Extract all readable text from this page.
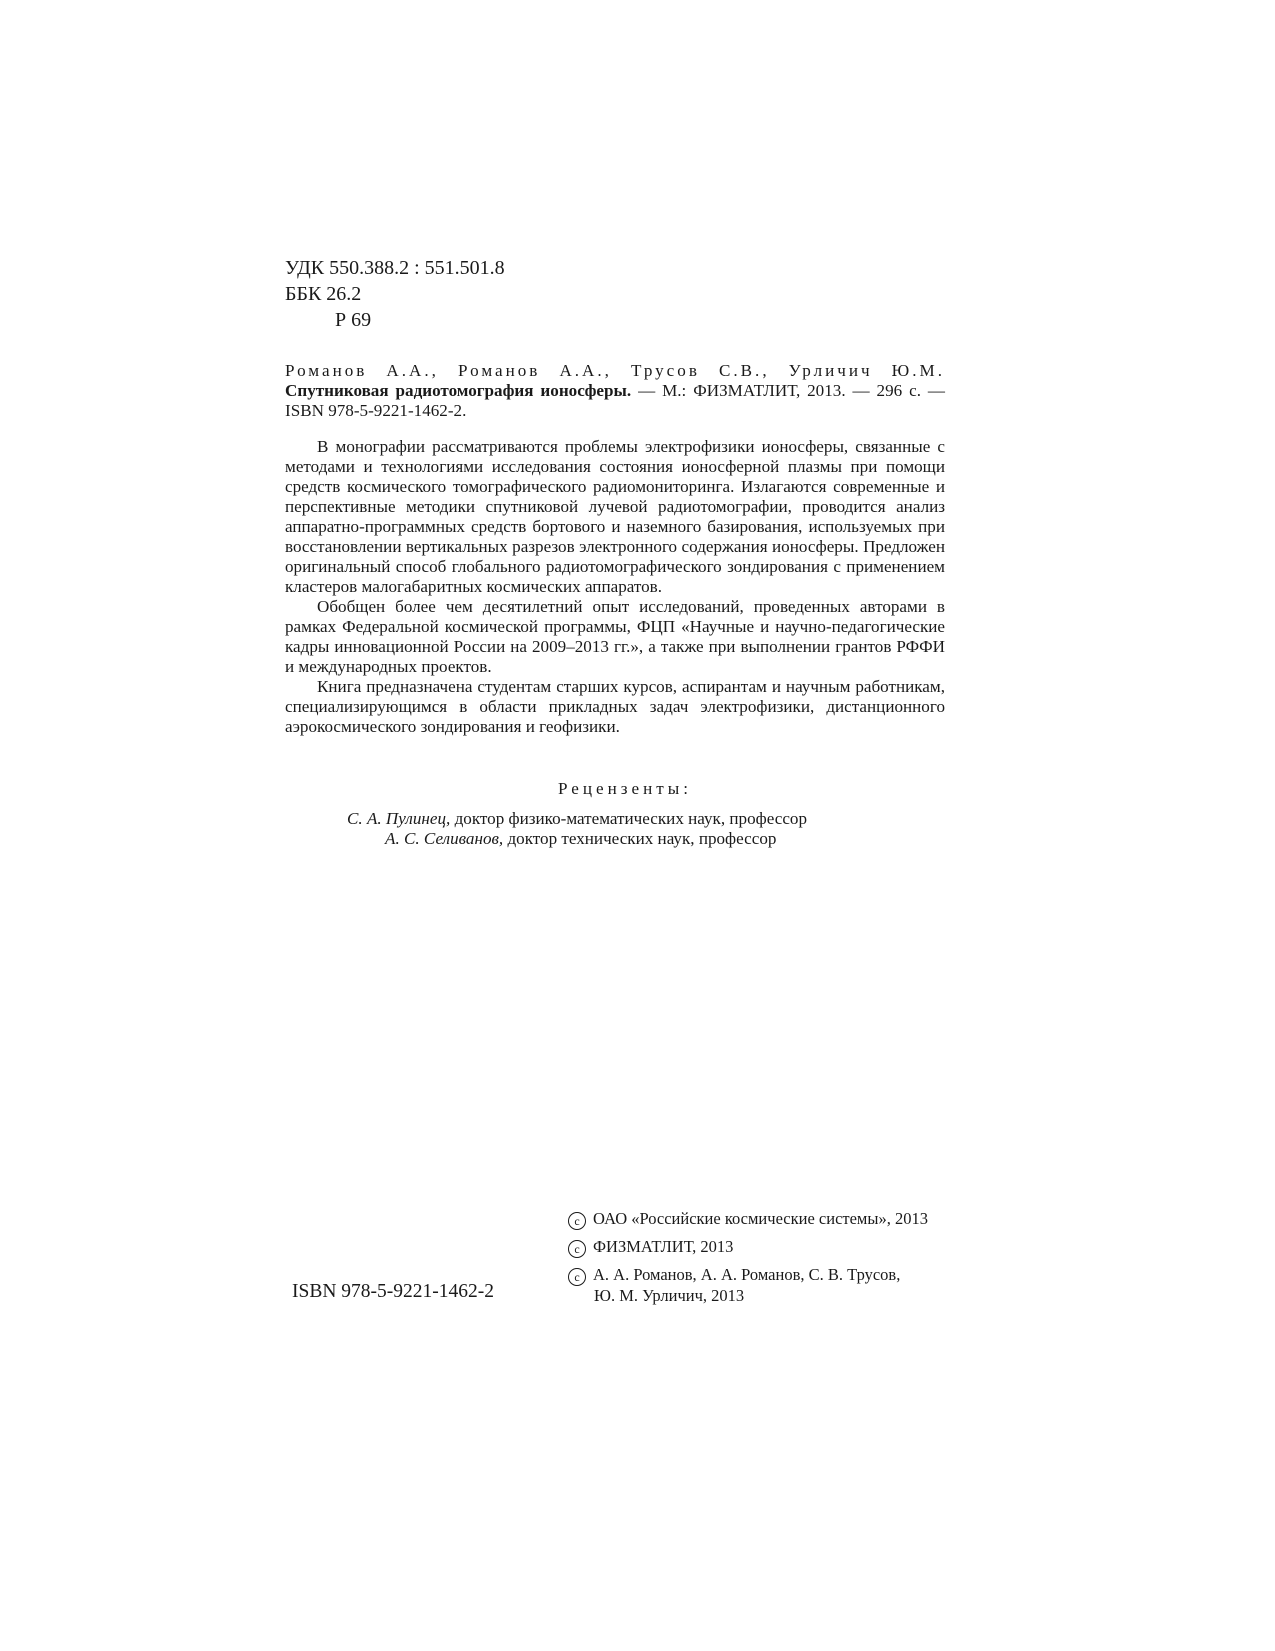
УДК 550.388.2 : 551.501.8
ББК 26.2
Р 69

Романов А.А., Романов А.А., Трусов С.В., Урличич Ю.М. Спутниковая радиотомография ионосферы. — М.: ФИЗМАТЛИТ, 2013. — 296 с. — ISBN 978-5-9221-1462-2.

В монографии рассматриваются проблемы электрофизики ионосферы, связанные с методами и технологиями исследования состояния ионосферной плазмы при помощи средств космического томографического радиомониторинга. Излагаются современные и перспективные методики спутниковой лучевой радиотомографии, проводится анализ аппаратно-программных средств бортового и наземного базирования, используемых при восстановлении вертикальных разрезов электронного содержания ионосферы. Предложен оригинальный способ глобального радиотомографического зондирования с применением кластеров малогабаритных космических аппаратов.

Обобщен более чем десятилетний опыт исследований, проведенных авторами в рамках Федеральной космической программы, ФЦП «Научные и научно-педагогические кадры инновационной России на 2009–2013 гг.», а также при выполнении грантов РФФИ и международных проектов.

Книга предназначена студентам старших курсов, аспирантам и научным работникам, специализирующимся в области прикладных задач электрофизики, дистанционного аэрокосмического зондирования и геофизики.

Рецензенты:
С. А. Пулинец, доктор физико-математических наук, профессор
А. С. Селиванов, доктор технических наук, профессор
ISBN 978-5-9221-1462-2
c ОАО «Российские космические системы», 2013
c ФИЗМАТЛИТ, 2013
c А. А. Романов, А. А. Романов, С. В. Трусов,
Ю. М. Урличич, 2013
